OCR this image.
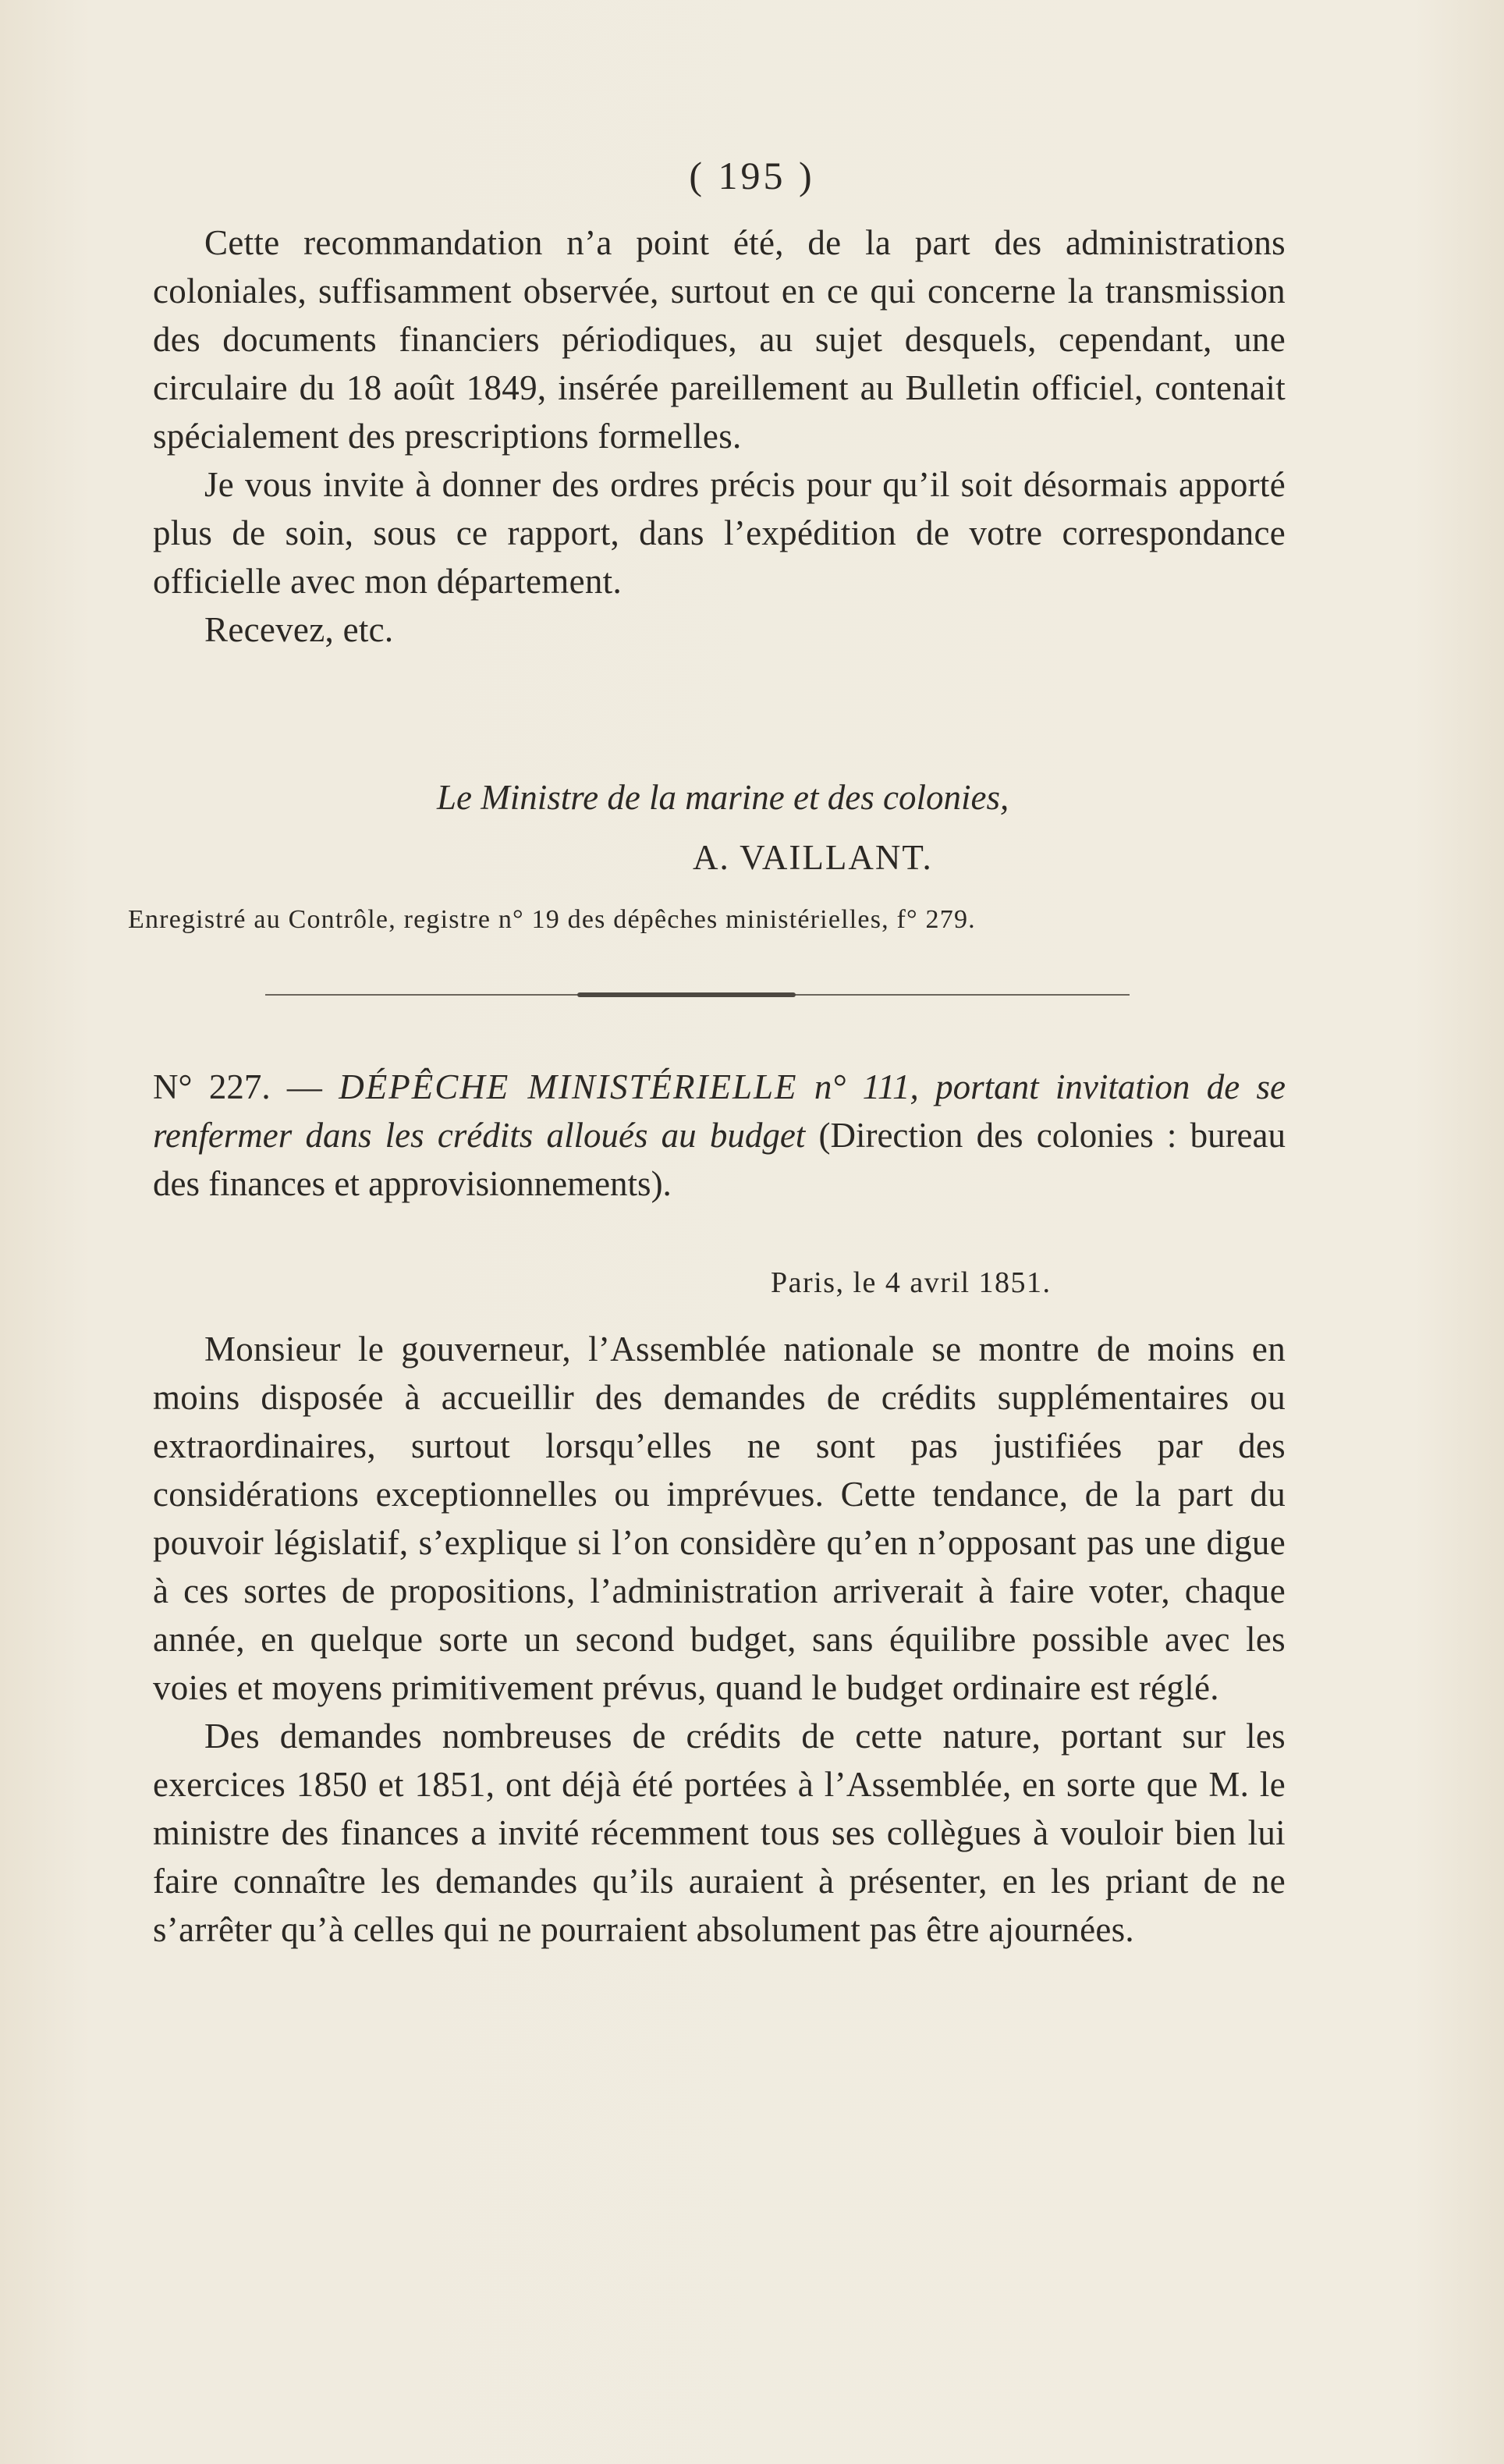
( 195 )

Cette recommandation n’a point été, de la part des administrations coloniales, suffisamment observée, surtout en ce qui concerne la transmission des documents financiers périodiques, au sujet desquels, cependant, une circulaire du 18 août 1849, insérée pareillement au Bulletin officiel, contenait spécialement des prescriptions formelles.

Je vous invite à donner des ordres précis pour qu’il soit désormais apporté plus de soin, sous ce rapport, dans l’expédition de votre correspondance officielle avec mon département.

Recevez, etc.

Le Ministre de la marine et des colonies,
A. VAILLANT.
Enregistré au Contrôle, registre n° 19 des dépêches ministérielles, f° 279.

N° 227. — DÉPÊCHE MINISTÉRIELLE n° 111, portant invitation de se renfermer dans les crédits alloués au budget (Direction des colonies : bureau des finances et approvisionnements).

Paris, le 4 avril 1851.

Monsieur le gouverneur, l’Assemblée nationale se montre de moins en moins disposée à accueillir des demandes de crédits supplémentaires ou extraordinaires, surtout lorsqu’elles ne sont pas justifiées par des considérations exceptionnelles ou imprévues. Cette tendance, de la part du pouvoir législatif, s’explique si l’on considère qu’en n’opposant pas une digue à ces sortes de propositions, l’administration arriverait à faire voter, chaque année, en quelque sorte un second budget, sans équilibre possible avec les voies et moyens primitivement prévus, quand le budget ordinaire est réglé.

Des demandes nombreuses de crédits de cette nature, portant sur les exercices 1850 et 1851, ont déjà été portées à l’Assemblée, en sorte que M. le ministre des finances a invité récemment tous ses collègues à vouloir bien lui faire connaître les demandes qu’ils auraient à présenter, en les priant de ne s’arrêter qu’à celles qui ne pourraient absolument pas être ajournées.
